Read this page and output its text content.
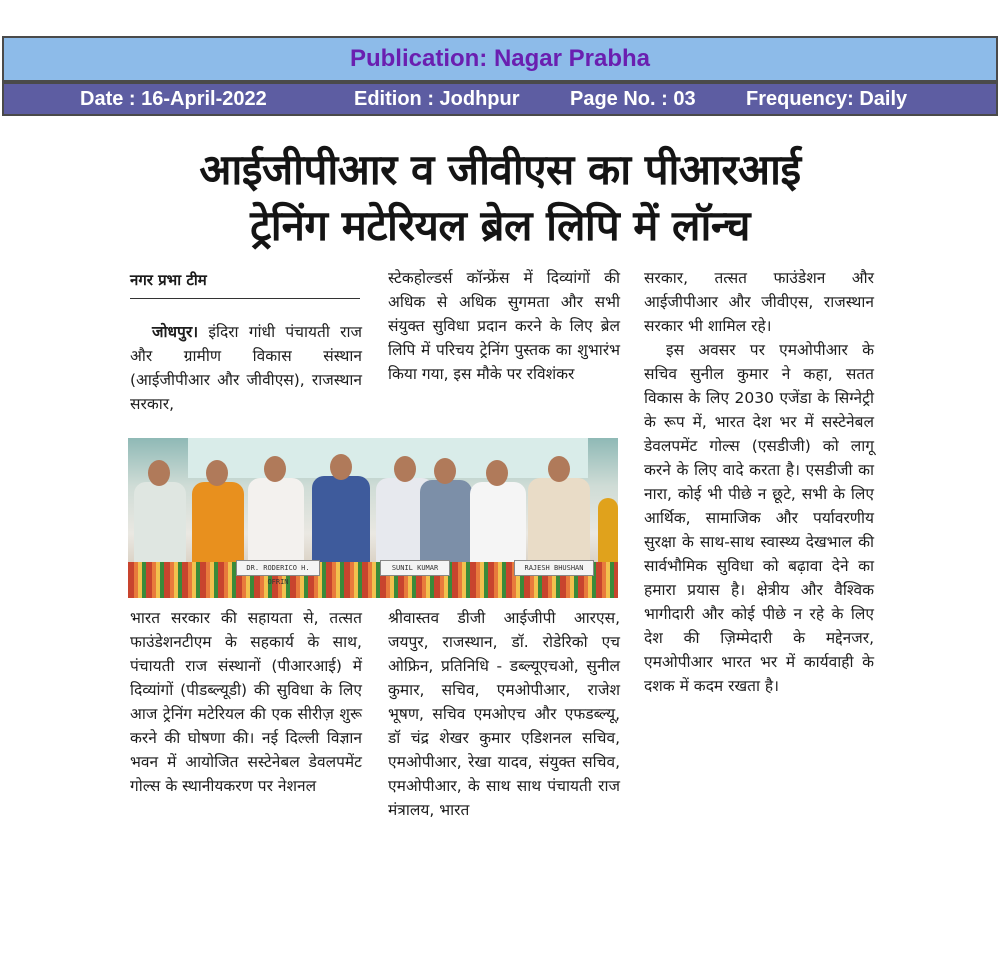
Publication: Nagar Prabha
Date : 16-April-2022	Edition : Jodhpur	Page No. : 03	Frequency: Daily
आईजीपीआर व जीवीएस का पीआरआई
ट्रेनिंग मटेरियल ब्रेल लिपि में लॉन्च
नगर प्रभा टीम

जोधपुर। इंदिरा गांधी पंचायती राज और ग्रामीण विकास संस्थान (आईजीपीआर और जीवीएस), राजस्थान सरकार,

स्टेकहोल्डर्स कॉन्फ्रेंस में दिव्यांगों की अधिक से अधिक सुगमता और सभी संयुक्त सुविधा प्रदान करने के लिए ब्रेल लिपि में परिचय ट्रेनिंग पुस्तक का शुभारंभ किया गया, इस मौके पर रविशंकर

DR. RODERICO H. OFRIN
SUNIL KUMAR	RAJESH BHUSHAN

भारत सरकार की सहायता से, तत्सत फाउंडेशनटीएम के सहकार्य के साथ, पंचायती राज संस्थानों (पीआरआई) में दिव्यांगों (पीडब्ल्यूडी) की सुविधा के लिए आज ट्रेनिंग मटेरियल की एक सीरीज़ शुरू करने की घोषणा की। नई दिल्ली विज्ञान भवन में आयोजित सस्टेनेबल डेवलपमेंट गोल्स के स्थानीयकरण पर नेशनल

श्रीवास्तव डीजी आईजीपी आरएस, जयपुर, राजस्थान, डॉ. रोडेरिको एच ओफ्रिन, प्रतिनिधि - डब्ल्यूएचओ, सुनील कुमार, सचिव, एमओपीआर, राजेश भूषण, सचिव एमओएच और एफडब्ल्यू, डॉ चंद्र शेखर कुमार एडिशनल सचिव, एमओपीआर, रेखा यादव, संयुक्त सचिव, एमओपीआर, के साथ साथ पंचायती राज मंत्रालय, भारत

सरकार, तत्सत फाउंडेशन और आईजीपीआर और जीवीएस, राजस्थान सरकार भी शामिल रहे।

इस अवसर पर एमओपीआर के सचिव सुनील कुमार ने कहा, सतत विकास के लिए 2030 एजेंडा के सिग्नेट्री के रूप में, भारत देश भर में सस्टेनेबल डेवलपमेंट गोल्स (एसडीजी) को लागू करने के लिए वादे करता है। एसडीजी का नारा, कोई भी पीछे न छूटे, सभी के लिए आर्थिक, सामाजिक और पर्यावरणीय सुरक्षा के साथ-साथ स्वास्थ्य देखभाल की सार्वभौमिक सुविधा को बढ़ावा देने का हमारा प्रयास है। क्षेत्रीय और वैश्विक भागीदारी और कोई पीछे न रहे के लिए देश की ज़िम्मेदारी के मद्देनजर, एमओपीआर भारत भर में कार्यवाही के दशक में कदम रखता है।
